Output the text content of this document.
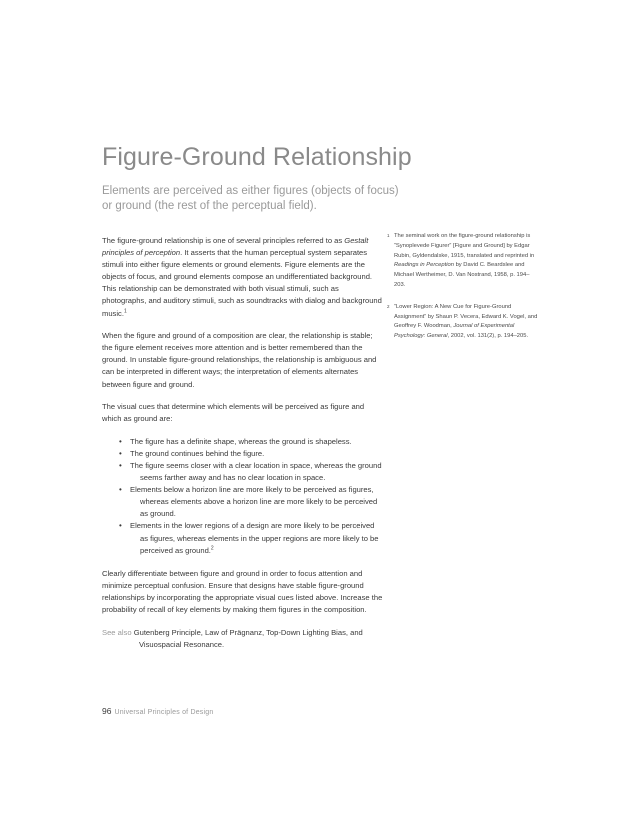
Figure-Ground Relationship
Elements are perceived as either figures (objects of focus)
or ground (the rest of the perceptual field).

The figure-ground relationship is one of several principles referred to as Gestalt principles of perception. It asserts that the human perceptual system separates stimuli into either figure elements or ground elements. Figure elements are the objects of focus, and ground elements compose an undifferentiated background. This relationship can be demonstrated with both visual stimuli, such as photographs, and auditory stimuli, such as soundtracks with dialog and background music.$^1$

When the figure and ground of a composition are clear, the relationship is stable; the figure element receives more attention and is better remembered than the ground. In unstable figure-ground relationships, the relationship is ambiguous and can be interpreted in different ways; the interpretation of elements alternates between figure and ground.

The visual cues that determine which elements will be perceived as figure and which as ground are:

• The figure has a definite shape, whereas the ground is shapeless.
• The ground continues behind the figure.
• The figure seems closer with a clear location in space, whereas the ground seems farther away and has no clear location in space.
• Elements below a horizon line are more likely to be perceived as figures, whereas elements above a horizon line are more likely to be perceived as ground.
• Elements in the lower regions of a design are more likely to be perceived as figures, whereas elements in the upper regions are more likely to be perceived as ground.$^2$

Clearly differentiate between figure and ground in order to focus attention and minimize perceptual confusion. Ensure that designs have stable figure-ground relationships by incorporating the appropriate visual cues listed above. Increase the probability of recall of key elements by making them figures in the composition.

See also Gutenberg Principle, Law of Prägnanz, Top-Down Lighting Bias, and Visuospacial Resonance.

1 The seminal work on the figure-ground relationship is “Synoplevede Figurer” [Figure and Ground] by Edgar Rubin, Gyldendalske, 1915, translated and reprinted in Readings in Perception by David C. Beardslee and Michael Wertheimer, D. Van Nostrand, 1958, p. 194–203.
2 “Lower Region: A New Cue for Figure-Ground Assignment” by Shaun P. Vecera, Edward K. Vogel, and Geoffrey F. Woodman, Journal of Experimental Psychology: General, 2002, vol. 131(2), p. 194–205.
96 Universal Principles of Design
